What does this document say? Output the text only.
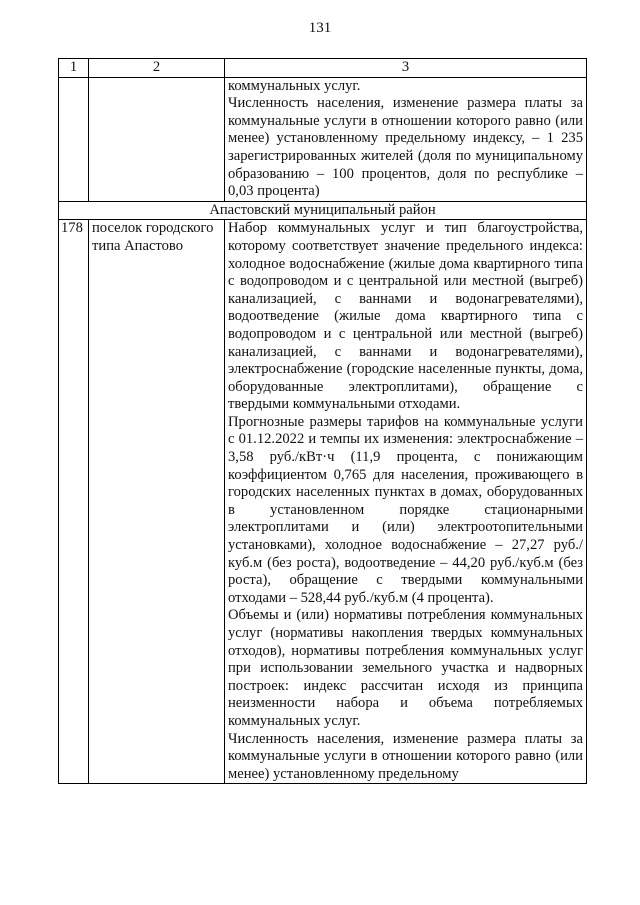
131
1	2	3

		коммунальных услуг.

Численность населения, изменение размера платы за коммунальные услуги в отношении которого равно (или менее) установленному предельному индексу, – 1 235 зарегистрированных жителей (доля по муниципальному образованию – 100 процентов, доля по республике – 0,03 процента)

Апастовский муниципальный район		
178	поселок городского типа Апастово	Набор коммунальных услуг и тип благоустройства, которому соответствует значение предельного индекса: холодное водоснабжение (жилые дома квартирного типа с водопроводом и с центральной или местной (выгреб) канализацией, с ваннами и водонагревателями), водоотведение (жилые дома квартирного типа с водопроводом и с центральной или местной (выгреб) канализацией, с ваннами и водонагревателями), электроснабжение (городские населенные пункты, дома, оборудованные электроплитами), обращение с твердыми коммунальными отходами.

Прогнозные размеры тарифов на коммунальные услуги с 01.12.2022 и темпы их изменения: электроснабжение – 3,58 руб./кВт·ч (11,9 процента, с понижающим коэффициентом 0,765 для населения, проживающего в городских населенных пунктах в домах, оборудованных в установленном порядке стационарными электроплитами и (или) электроотопительными установками), холодное водоснабжение – 27,27 руб./куб.м (без роста), водоотведение – 44,20 руб./куб.м (без роста), обращение с твердыми коммунальными отходами – 528,44 руб./куб.м (4 процента).

Объемы и (или) нормативы потребления коммунальных услуг (нормативы накопления твердых коммунальных отходов), нормативы потребления коммунальных услуг при использовании земельного участка и надворных построек: индекс рассчитан исходя из принципа неизменности набора и объема потребляемых коммунальных услуг.

Численность населения, изменение размера платы за коммунальные услуги в отношении которого равно (или менее) установленному предельному
